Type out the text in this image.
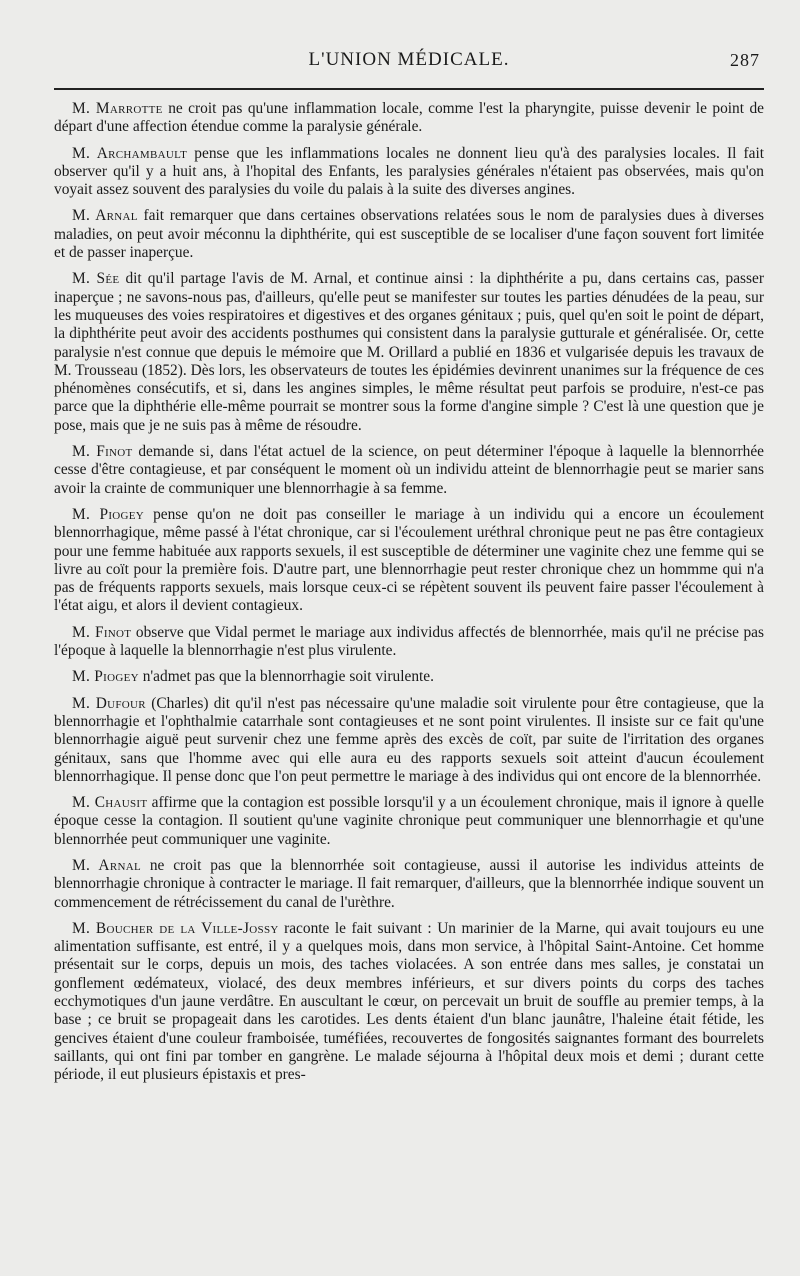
L'UNION MÉDICALE.	287

M. Marrotte ne croit pas qu'une inflammation locale, comme l'est la pharyngite, puisse devenir le point de départ d'une affection étendue comme la paralysie générale.

M. Archambault pense que les inflammations locales ne donnent lieu qu'à des paralysies locales. Il fait observer qu'il y a huit ans, à l'hopital des Enfants, les paralysies générales n'étaient pas observées, mais qu'on voyait assez souvent des paralysies du voile du palais à la suite des diverses angines.

M. Arnal fait remarquer que dans certaines observations relatées sous le nom de paralysies dues à diverses maladies, on peut avoir méconnu la diphthérite, qui est susceptible de se localiser d'une façon souvent fort limitée et de passer inaperçue.

M. Sée dit qu'il partage l'avis de M. Arnal, et continue ainsi : la diphthérite a pu, dans certains cas, passer inaperçue ; ne savons-nous pas, d'ailleurs, qu'elle peut se manifester sur toutes les parties dénudées de la peau, sur les muqueuses des voies respiratoires et digestives et des organes génitaux ; puis, quel qu'en soit le point de départ, la diphthérite peut avoir des accidents posthumes qui consistent dans la paralysie gutturale et généralisée. Or, cette paralysie n'est connue que depuis le mémoire que M. Orillard a publié en 1836 et vulgarisée depuis les travaux de M. Trousseau (1852). Dès lors, les observateurs de toutes les épidémies devinrent unanimes sur la fréquence de ces phénomènes consécutifs, et si, dans les angines simples, le même résultat peut parfois se produire, n'est-ce pas parce que la diphthérie elle-même pourrait se montrer sous la forme d'angine simple ? C'est là une question que je pose, mais que je ne suis pas à même de résoudre.

M. Finot demande si, dans l'état actuel de la science, on peut déterminer l'époque à laquelle la blennorrhée cesse d'être contagieuse, et par conséquent le moment où un individu atteint de blennorrhagie peut se marier sans avoir la crainte de communiquer une blennorrhagie à sa femme.

M. Piogey pense qu'on ne doit pas conseiller le mariage à un individu qui a encore un écoulement blennorrhagique, même passé à l'état chronique, car si l'écoulement uréthral chronique peut ne pas être contagieux pour une femme habituée aux rapports sexuels, il est susceptible de déterminer une vaginite chez une femme qui se livre au coït pour la première fois. D'autre part, une blennorrhagie peut rester chronique chez un hommme qui n'a pas de fréquents rapports sexuels, mais lorsque ceux-ci se répètent souvent ils peuvent faire passer l'écoulement à l'état aigu, et alors il devient contagieux.

M. Finot observe que Vidal permet le mariage aux individus affectés de blennorrhée, mais qu'il ne précise pas l'époque à laquelle la blennorrhagie n'est plus virulente.

M. Piogey n'admet pas que la blennorrhagie soit virulente.

M. Dufour (Charles) dit qu'il n'est pas nécessaire qu'une maladie soit virulente pour être contagieuse, que la blennorrhagie et l'ophthalmie catarrhale sont contagieuses et ne sont point virulentes. Il insiste sur ce fait qu'une blennorrhagie aiguë peut survenir chez une femme après des excès de coït, par suite de l'irritation des organes génitaux, sans que l'homme avec qui elle aura eu des rapports sexuels soit atteint d'aucun écoulement blennorrhagique. Il pense donc que l'on peut permettre le mariage à des individus qui ont encore de la blennorrhée.

M. Chausit affirme que la contagion est possible lorsqu'il y a un écoulement chronique, mais il ignore à quelle époque cesse la contagion. Il soutient qu'une vaginite chronique peut communiquer une blennorrhagie et qu'une blennorrhée peut communiquer une vaginite.

M. Arnal ne croit pas que la blennorrhée soit contagieuse, aussi il autorise les individus atteints de blennorrhagie chronique à contracter le mariage. Il fait remarquer, d'ailleurs, que la blennorrhée indique souvent un commencement de rétrécissement du canal de l'urèthre.

M. Boucher de la Ville-Jossy raconte le fait suivant : Un marinier de la Marne, qui avait toujours eu une alimentation suffisante, est entré, il y a quelques mois, dans mon service, à l'hôpital Saint-Antoine. Cet homme présentait sur le corps, depuis un mois, des taches violacées. A son entrée dans mes salles, je constatai un gonflement œdémateux, violacé, des deux membres inférieurs, et sur divers points du corps des taches ecchymotiques d'un jaune verdâtre. En auscultant le cœur, on percevait un bruit de souffle au premier temps, à la base ; ce bruit se propageait dans les carotides. Les dents étaient d'un blanc jaunâtre, l'haleine était fétide, les gencives étaient d'une couleur framboisée, tuméfiées, recouvertes de fongosités saignantes formant des bourrelets saillants, qui ont fini par tomber en gangrène. Le malade séjourna à l'hôpital deux mois et demi ; durant cette période, il eut plusieurs épistaxis et pres-
